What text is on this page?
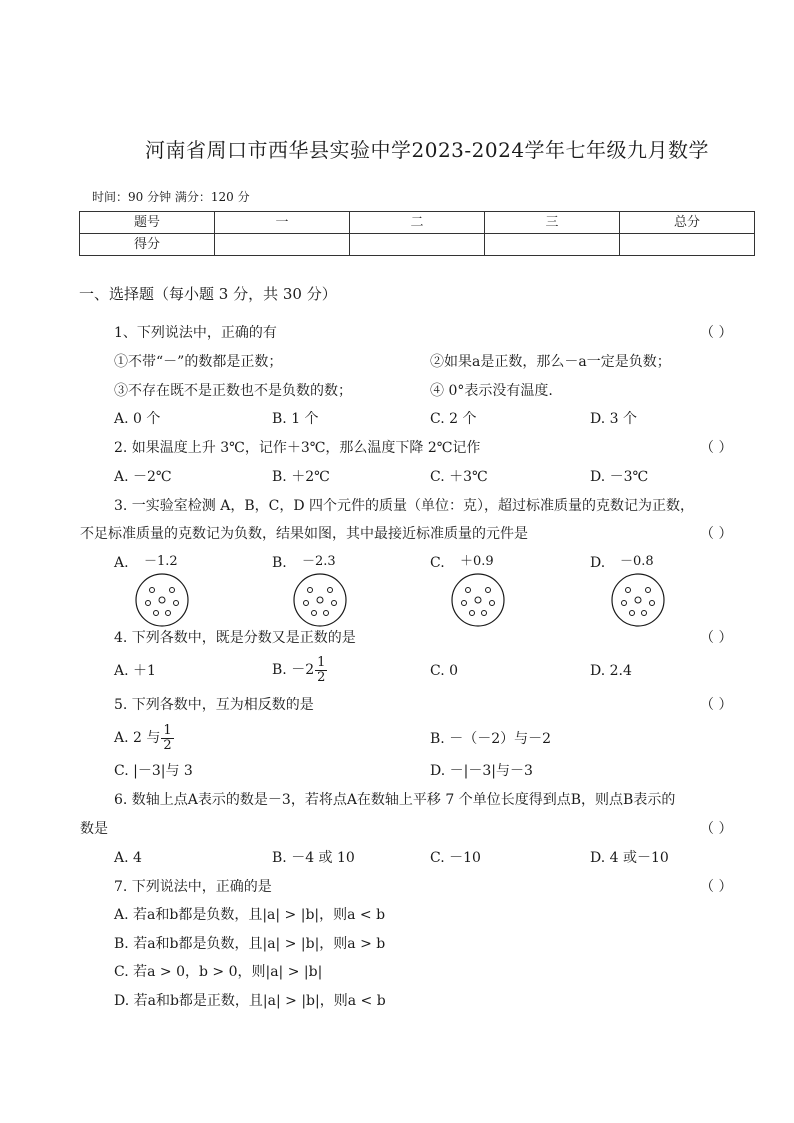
河南省周口市西华县实验中学2023-2024学年七年级九月数学
时间：90 分钟 满分：120 分
题号	一	二	三	总分
得分				
一、选择题（每小题 3 分，共 30 分）
1、下列说法中，正确的有	（ ）
①不带“－”的数都是正数；	②如果a是正数，那么－a一定是负数；
③不存在既不是正数也不是负数的数；	④ 0°表示没有温度.
A. 0 个	B. 1 个	C. 2 个	D. 3 个
2. 如果温度上升 3℃，记作＋3℃，那么温度下降 2℃记作	（ ）
A. －2℃	B. ＋2℃	C. ＋3℃	D. －3℃
3. 一实验室检测 A，B，C，D 四个元件的质量（单位：克），超过标准质量的克数记为正数，
不足标准质量的克数记为负数，结果如图，其中最接近标准质量的元件是	（ ）
A.	B.	C.	D.
－1.2	－2.3	＋0.9	－0.8
4. 下列各数中，既是分数又是正数的是	（ ）
A. ＋1	B. $-2 \frac{1}{2}$	C. 0	D. 2.4
5. 下列各数中，互为相反数的是	（ ）
A. 2 与 $\frac{1}{2}$	B. －（－2）与－2
C. |－3|与 3	D. －|－3|与－3
6. 数轴上点A表示的数是－3，若将点A在数轴上平移 7 个单位长度得到点B，则点B表示的
数是	（ ）
A. 4	B. －4 或 10	C. －10	D. 4 或－10
7. 下列说法中，正确的是	（ ）
A. 若a和b都是负数，且|a| > |b|，则a < b
B. 若a和b都是负数，且|a| > |b|，则a > b
C. 若a > 0，b > 0，则|a| > |b|
D. 若a和b都是正数，且|a| > |b|，则a < b
